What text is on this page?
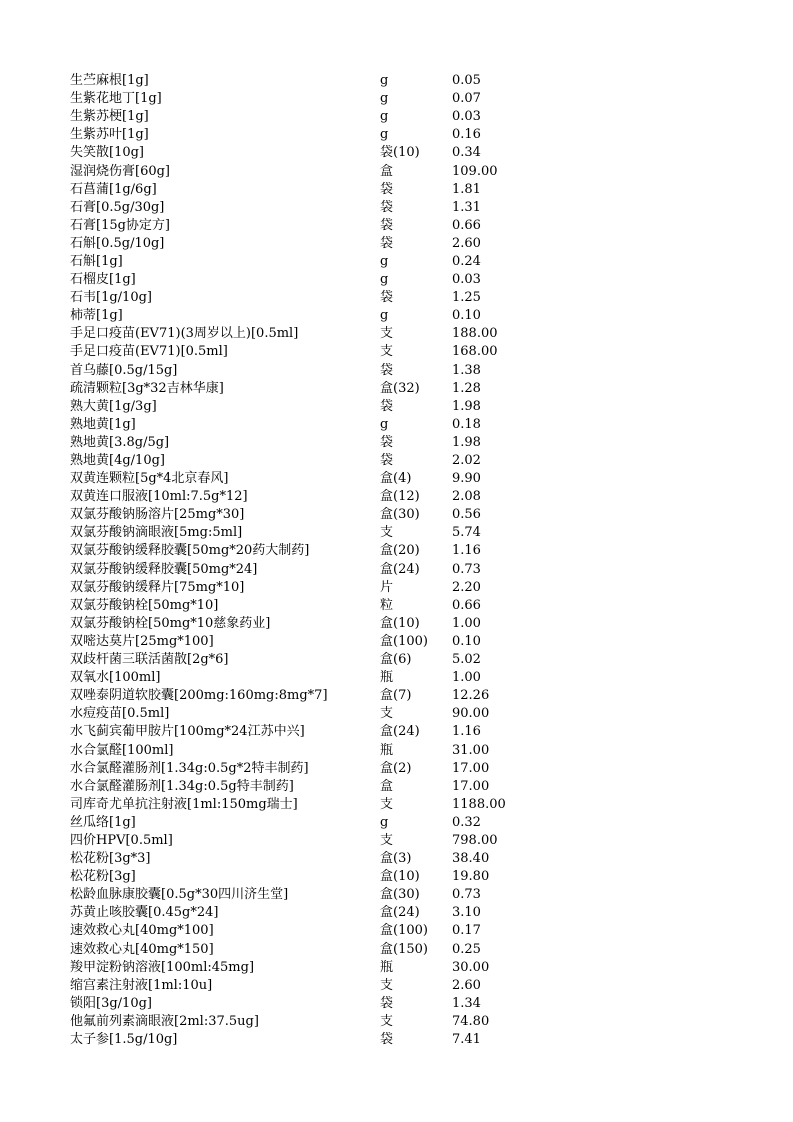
生苎麻根[1g]	g	0.05
生紫花地丁[1g]	g	0.07
生紫苏梗[1g]	g	0.03
生紫苏叶[1g]	g	0.16
失笑散[10g]	袋(10)	0.34
湿润烧伤膏[60g]	盒	109.00
石菖蒲[1g/6g]	袋	1.81
石膏[0.5g/30g]	袋	1.31
石膏[15g协定方]	袋	0.66
石斛[0.5g/10g]	袋	2.60
石斛[1g]	g	0.24
石榴皮[1g]	g	0.03
石韦[1g/10g]	袋	1.25
柿蒂[1g]	g	0.10
手足口疫苗(EV71)(3周岁以上)[0.5ml]	支	188.00
手足口疫苗(EV71)[0.5ml]	支	168.00
首乌藤[0.5g/15g]	袋	1.38
疏清颗粒[3g*32吉林华康]	盒(32)	1.28
熟大黄[1g/3g]	袋	1.98
熟地黄[1g]	g	0.18
熟地黄[3.8g/5g]	袋	1.98
熟地黄[4g/10g]	袋	2.02
双黄连颗粒[5g*4北京春风]	盒(4)	9.90
双黄连口服液[10ml:7.5g*12]	盒(12)	2.08
双氯芬酸钠肠溶片[25mg*30]	盒(30)	0.56
双氯芬酸钠滴眼液[5mg:5ml]	支	5.74
双氯芬酸钠缓释胶囊[50mg*20药大制药]	盒(20)	1.16
双氯芬酸钠缓释胶囊[50mg*24]	盒(24)	0.73
双氯芬酸钠缓释片[75mg*10]	片	2.20
双氯芬酸钠栓[50mg*10]	粒	0.66
双氯芬酸钠栓[50mg*10慈象药业]	盒(10)	1.00
双嘧达莫片[25mg*100]	盒(100)	0.10
双歧杆菌三联活菌散[2g*6]	盒(6)	5.02
双氧水[100ml]	瓶	1.00
双唑泰阴道软胶囊[200mg:160mg:8mg*7]	盒(7)	12.26
水痘疫苗[0.5ml]	支	90.00
水飞蓟宾葡甲胺片[100mg*24江苏中兴]	盒(24)	1.16
水合氯醛[100ml]	瓶	31.00
水合氯醛灌肠剂[1.34g:0.5g*2特丰制药]	盒(2)	17.00
水合氯醛灌肠剂[1.34g:0.5g特丰制药]	盒	17.00
司库奇尤单抗注射液[1ml:150mg瑞士]	支	1188.00
丝瓜络[1g]	g	0.32
四价HPV[0.5ml]	支	798.00
松花粉[3g*3]	盒(3)	38.40
松花粉[3g]	盒(10)	19.80
松龄血脉康胶囊[0.5g*30四川济生堂]	盒(30)	0.73
苏黄止咳胶囊[0.45g*24]	盒(24)	3.10
速效救心丸[40mg*100]	盒(100)	0.17
速效救心丸[40mg*150]	盒(150)	0.25
羧甲淀粉钠溶液[100ml:45mg]	瓶	30.00
缩宫素注射液[1ml:10u]	支	2.60
锁阳[3g/10g]	袋	1.34
他氟前列素滴眼液[2ml:37.5ug]	支	74.80
太子参[1.5g/10g]	袋	7.41
